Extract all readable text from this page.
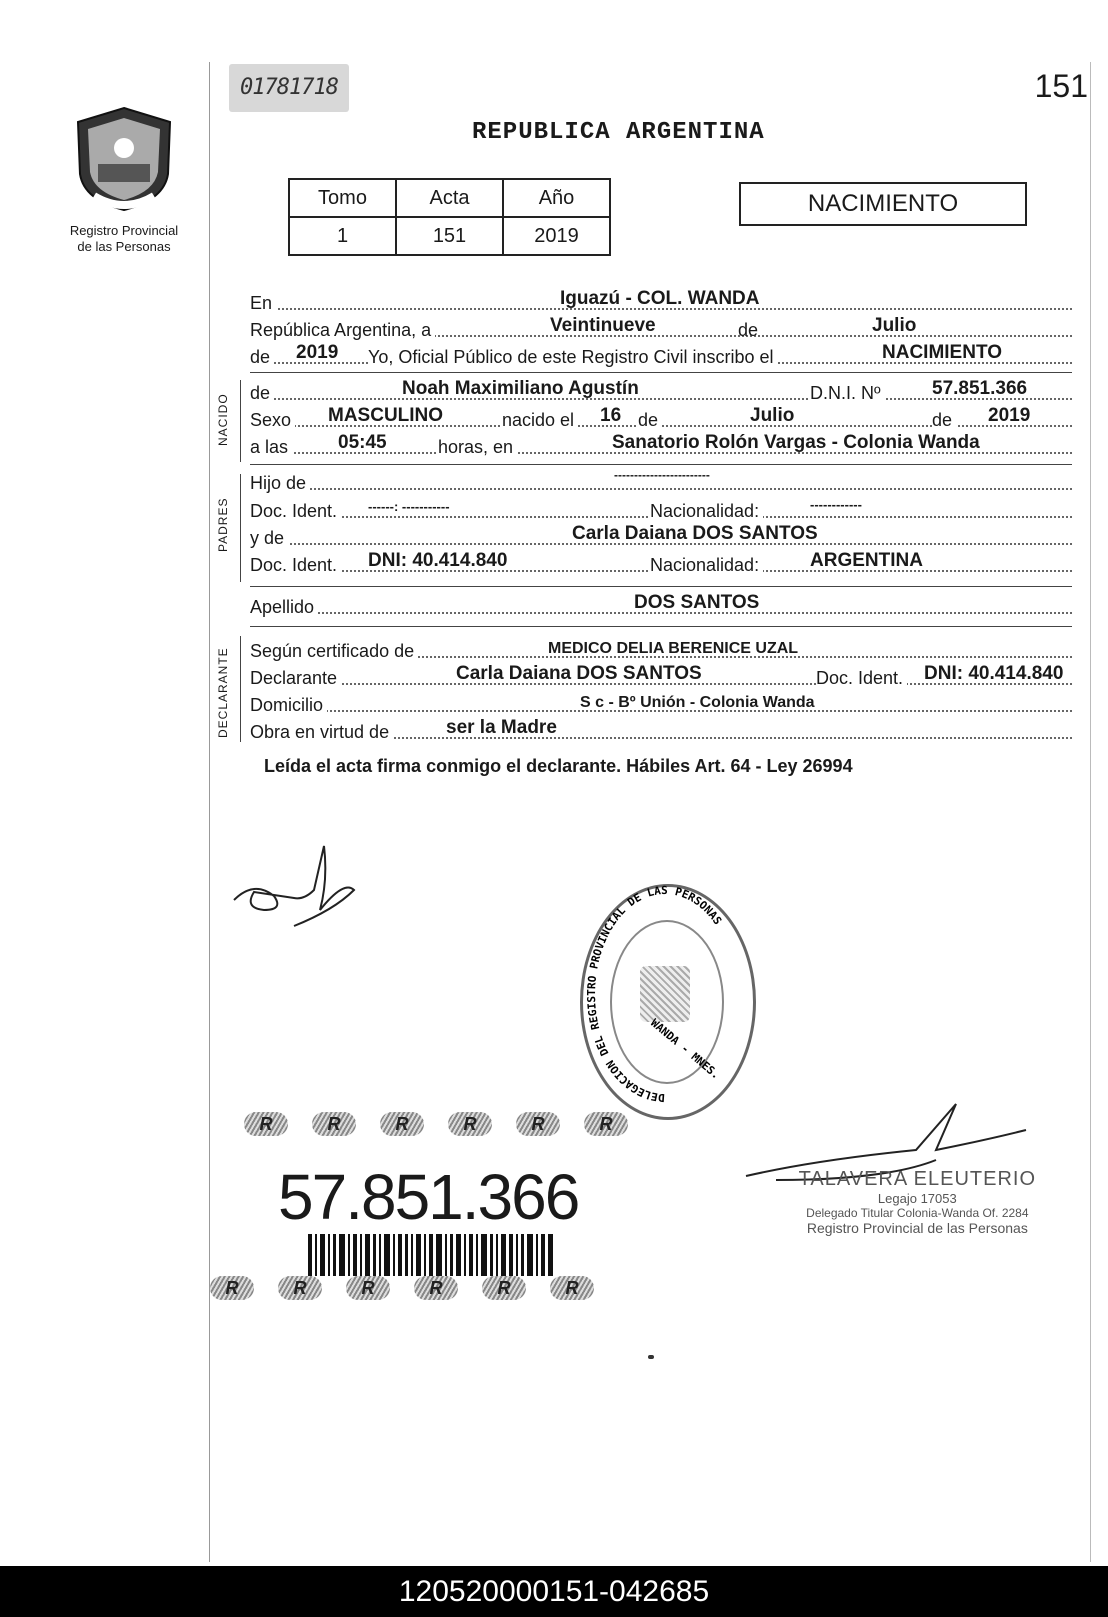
Registro Provincial
de las Personas
01781718	151
REPUBLICA ARGENTINA
Tomo	Acta	Año
1	151	2019
NACIMIENTO
En	Iguazú - COL. WANDA
República Argentina, a	Veintinueve	de	Julio
de 2019 Yo, Oficial Público de este Registro Civil inscribo el	NACIMIENTO
NACIDO
de	Noah Maximiliano Agustín	D.N.I. Nº	57.851.366
Sexo MASCULINO	nacido el 16 de	Julio	de 2019
a las	05:45	horas, en	Sanatorio Rolón Vargas - Colonia Wanda
PADRES
Hijo de	------------------------
Doc. Ident.	------: -----------	Nacionalidad:	------------
y de	Carla Daiana DOS SANTOS
Doc. Ident. DNI: 40.414.840	Nacionalidad:	ARGENTINA
Apellido	DOS SANTOS
DECLARANTE Según certificado de	MEDICO DELIA BERENICE UZAL
Declarante	Carla Daiana DOS SANTOS	Doc. Ident. DNI: 40.414.840
Domicilio	S c - Bº Unión - Colonia Wanda
Obra en virtud de	ser la Madre
Leída el acta firma conmigo el declarante. Hábiles Art. 64 - Ley 26994
DELEGACION DEL REGISTRO PROVINCIAL DE LAS PERSONAS
WANDA - MNES.
R	R	R	R	R	R
57.851.366
R	R	R	R	R	R
TALAVERA ELEUTERIO
Legajo 17053
Delegado Titular Colonia-Wanda Of. 2284
Registro Provincial de las Personas
120520000151-042685
